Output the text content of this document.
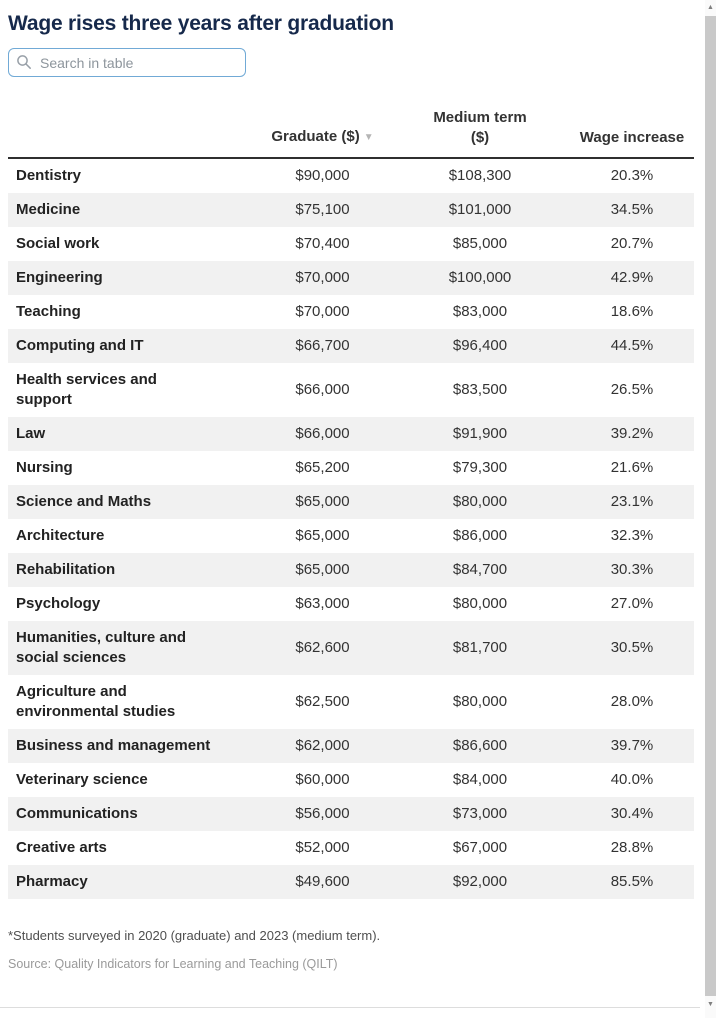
Wage rises three years after graduation
Search in table
	Graduate ($) ▼	Medium term ($)	Wage increase
Dentistry	$90,000	$108,300	20.3%
Medicine	$75,100	$101,000	34.5%
Social work	$70,400	$85,000	20.7%
Engineering	$70,000	$100,000	42.9%
Teaching	$70,000	$83,000	18.6%
Computing and IT	$66,700	$96,400	44.5%
Health services and support	$66,000	$83,500	26.5%
Law	$66,000	$91,900	39.2%
Nursing	$65,200	$79,300	21.6%
Science and Maths	$65,000	$80,000	23.1%
Architecture	$65,000	$86,000	32.3%
Rehabilitation	$65,000	$84,700	30.3%
Psychology	$63,000	$80,000	27.0%
Humanities, culture and social sciences	$62,600	$81,700	30.5%
Agriculture and environmental studies	$62,500	$80,000	28.0%
Business and management	$62,000	$86,600	39.7%
Veterinary science	$60,000	$84,000	40.0%
Communications	$56,000	$73,000	30.4%
Creative arts	$52,000	$67,000	28.8%
Pharmacy	$49,600	$92,000	85.5%

*Students surveyed in 2020 (graduate) and 2023 (medium term).

Source: Quality Indicators for Learning and Teaching (QILT)

▲
▼
